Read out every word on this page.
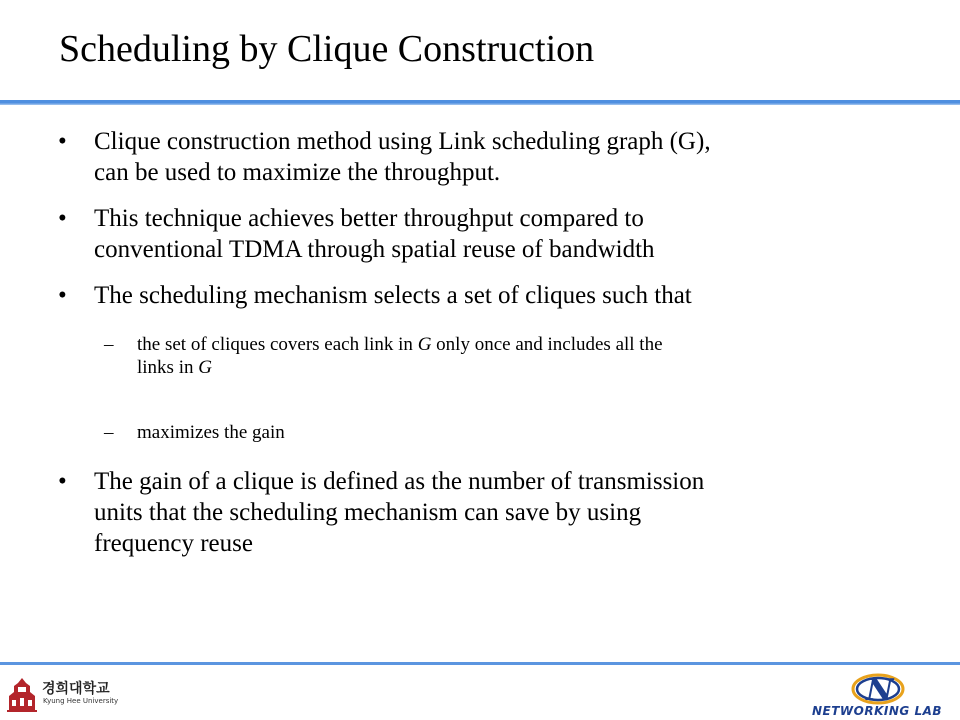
Scheduling by Clique Construction
• Clique construction method using Link scheduling graph (G),
can be used to maximize the throughput.
• This technique achieves better throughput compared to
conventional TDMA through spatial reuse of bandwidth
• The scheduling mechanism selects a set of cliques such that
– the set of cliques covers each link in G only once and includes all the
links in G
– maximizes the gain
• The gain of a clique is defined as the number of transmission
units that the scheduling mechanism can save by using
frequency reuse
경희대학교
Kyung Hee University	N
NETWORKING LAB
